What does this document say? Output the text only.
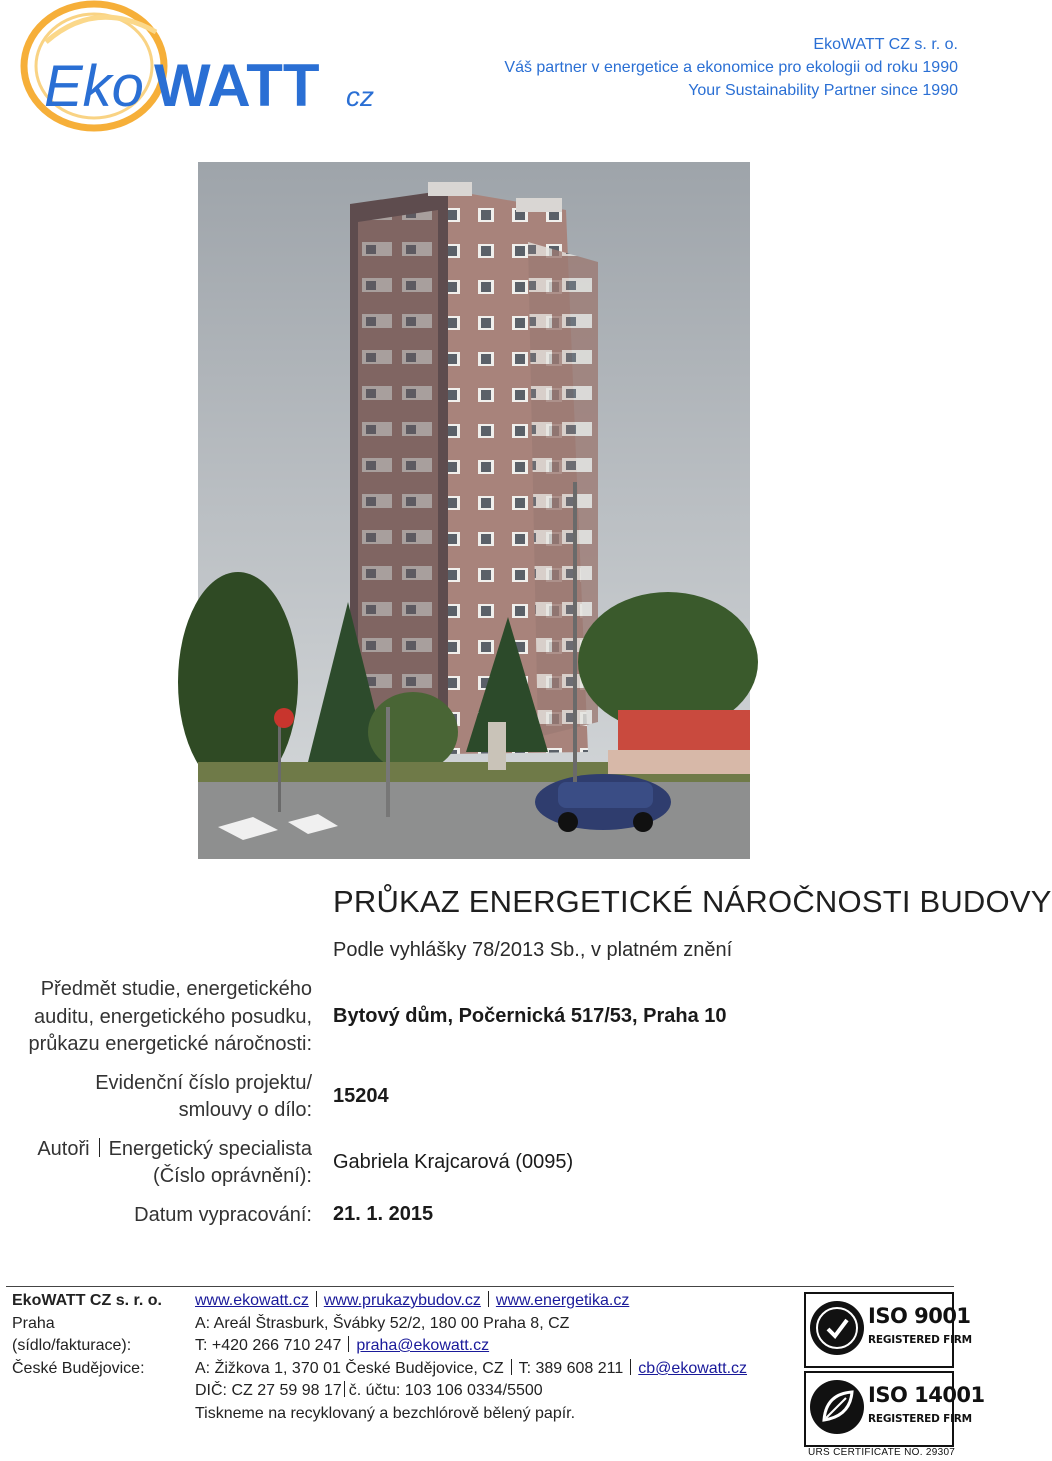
Eko WATT cz
EkoWATT CZ s. r. o.
Váš partner v energetice a ekonomice pro ekologii od roku 1990
Your Sustainability Partner since 1990
PRŮKAZ ENERGETICKÉ NÁROČNOSTI BUDOVY
Podle vyhlášky 78/2013 Sb., v platném znění
Předmět studie, energetického
auditu, energetického posudku,
průkazu energetické náročnosti:
Bytový dům, Počernická 517/53, Praha 10
Evidenční číslo projektu/
smlouvy o dílo:
15204
Autoři Energetický specialista
(Číslo oprávnění):
Gabriela Krajcarová (0095)
Datum vypracování: 21. 1. 2015
EkoWATT CZ s. r. o.
Praha
(sídlo/fakturace):
České Budějovice:
www.ekowatt.cz www.prukazybudov.cz www.energetika.cz
A: Areál Štrasburk, Švábky 52/2, 180 00 Praha 8, CZ
T: +420 266 710 247 praha@ekowatt.cz
A: Žižkova 1, 370 01 České Budějovice, CZ T: 389 608 211 cb@ekowatt.cz
DIČ: CZ 27 59 98 17 č. účtu: 103 106 0334/5500
Tiskneme na recyklovaný a bezchlórově bělený papír.
ISO 9001
REGISTERED FIRM
ISO 14001
REGISTERED FIRM
URS CERTIFICATE NO. 29307
